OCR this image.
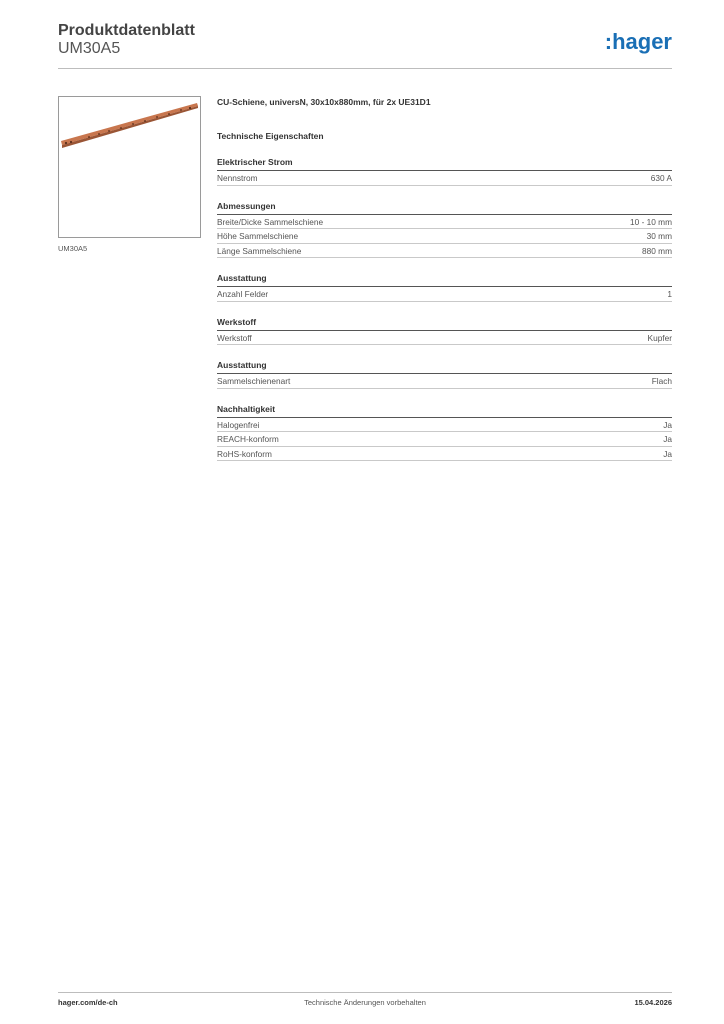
Produktdatenblatt
UM30A5	:hager
UM30A5
CU-Schiene, universN, 30x10x880mm, für 2x UE31D1
Technische Eigenschaften
Elektrischer Strom
Nennstrom	630 A
Abmessungen
Breite/Dicke Sammelschiene	10 - 10 mm
Höhe Sammelschiene	30 mm
Länge Sammelschiene	880 mm
Ausstattung
Anzahl Felder	1
Werkstoff
Werkstoff	Kupfer
Ausstattung
Sammelschienenart	Flach
Nachhaltigkeit
Halogenfrei	Ja
REACH-konform	Ja
RoHS-konform	Ja
hager.com/de-ch	Technische Änderungen vorbehalten	15.04.2026
